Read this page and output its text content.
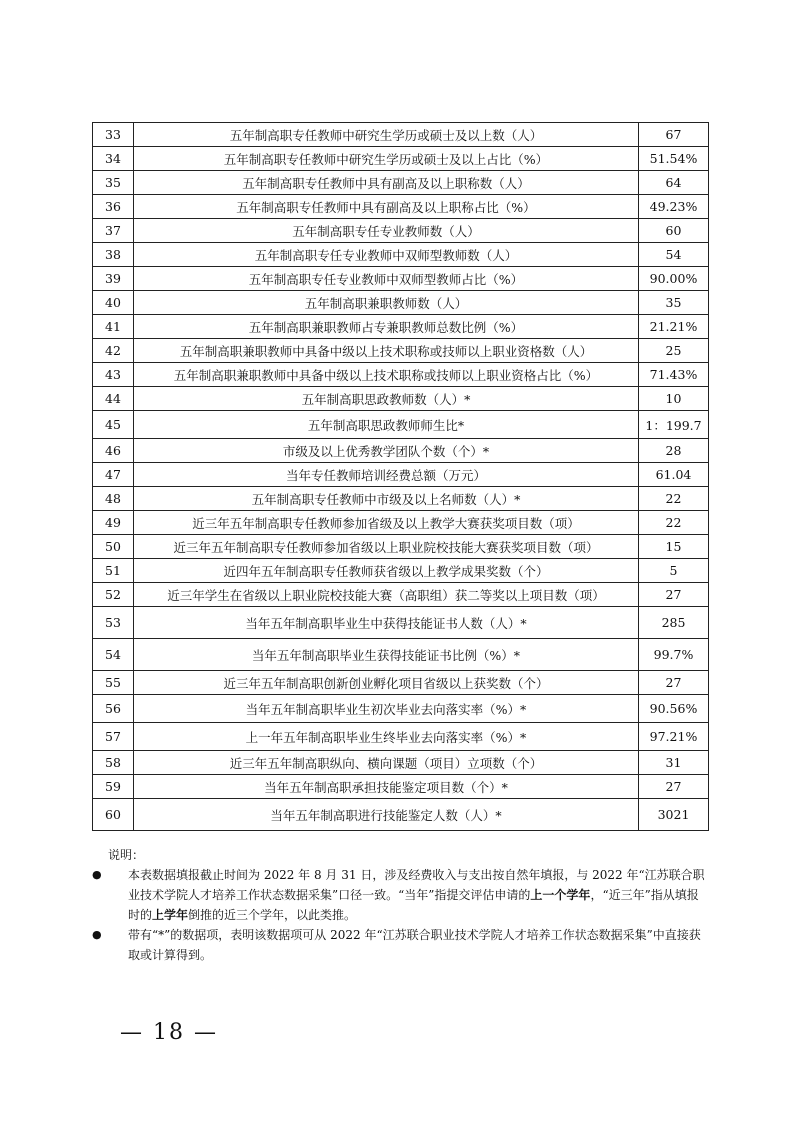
33	五年制高职专任教师中研究生学历或硕士及以上数（人）	67
34	五年制高职专任教师中研究生学历或硕士及以上占比（%）	51.54%
35	五年制高职专任教师中具有副高及以上职称数（人）	64
36	五年制高职专任教师中具有副高及以上职称占比（%）	49.23%
37	五年制高职专任专业教师数（人）	60
38	五年制高职专任专业教师中双师型教师数（人）	54
39	五年制高职专任专业教师中双师型教师占比（%）	90.00%
40	五年制高职兼职教师数（人）	35
41	五年制高职兼职教师占专兼职教师总数比例（%）	21.21%
42	五年制高职兼职教师中具备中级以上技术职称或技师以上职业资格数（人）	25
43	五年制高职兼职教师中具备中级以上技术职称或技师以上职业资格占比（%）	71.43%
44	五年制高职思政教师数（人）*	10
45	五年制高职思政教师师生比*	1：199.7
46	市级及以上优秀教学团队个数（个）*	28
47	当年专任教师培训经费总额（万元）	61.04
48	五年制高职专任教师中市级及以上名师数（人）*	22
49	近三年五年制高职专任教师参加省级及以上教学大赛获奖项目数（项）	22
50	近三年五年制高职专任教师参加省级以上职业院校技能大赛获奖项目数（项）	15
51	近四年五年制高职专任教师获省级以上教学成果奖数（个）	5
52	近三年学生在省级以上职业院校技能大赛（高职组）获二等奖以上项目数（项）	27
53	当年五年制高职毕业生中获得技能证书人数（人）*	285
54	当年五年制高职毕业生获得技能证书比例（%）*	99.7%
55	近三年五年制高职创新创业孵化项目省级以上获奖数（个）	27
56	当年五年制高职毕业生初次毕业去向落实率（%）*	90.56%
57	上一年五年制高职毕业生终毕业去向落实率（%）*	97.21%
58	近三年五年制高职纵向、横向课题（项目）立项数（个）	31
59	当年五年制高职承担技能鉴定项目数（个）*	27
60	当年五年制高职进行技能鉴定人数（人）*	3021
说明：
● 本表数据填报截止时间为 2022 年 8 月 31 日，涉及经费收入与支出按自然年填报，与 2022 年“江苏联合职业技术学院人才培养工作状态数据采集”口径一致。“当年”指提交评估申请的上一个学年，“近三年”指从填报时的上学年倒推的近三个学年，以此类推。
● 带有“*”的数据项，表明该数据项可从 2022 年“江苏联合职业技术学院人才培养工作状态数据采集”中直接获取或计算得到。
— 18 —
